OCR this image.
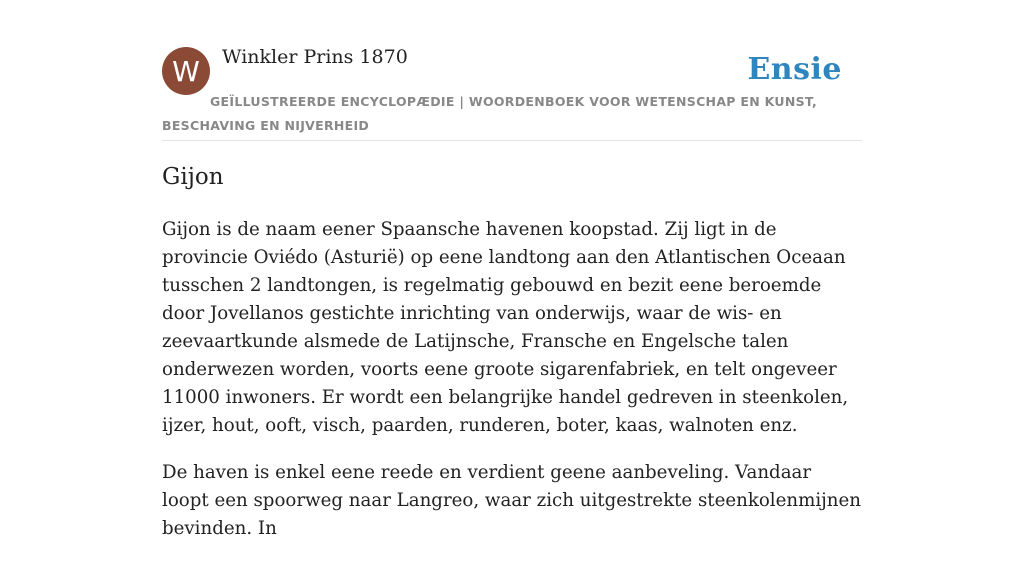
W	Winkler Prins 1870	Ensie
GEÏLLUSTREERDE ENCYCLOPÆDIE | WOORDENBOEK VOOR WETENSCHAP EN KUNST, BESCHAVING EN NIJVERHEID
Gijon

Gijon is de naam eener Spaansche havenen koopstad. Zij ligt in de provincie Oviédo (Asturië) op eene landtong aan den Atlantischen Oceaan tusschen 2 landtongen, is regelmatig gebouwd en bezit eene beroemde door Jovellanos gestichte inrichting van onderwijs, waar de wis- en zeevaartkunde alsmede de Latijnsche, Fransche en Engelsche talen onderwezen worden, voorts eene groote sigarenfabriek, en telt ongeveer 11000 inwoners. Er wordt een belangrijke handel gedreven in steenkolen, ijzer, hout, ooft, visch, paarden, runderen, boter, kaas, walnoten enz.

De haven is enkel eene reede en verdient geene aanbeveling. Vandaar loopt een spoorweg naar Langreo, waar zich uitgestrekte steenkolenmijnen bevinden. In
